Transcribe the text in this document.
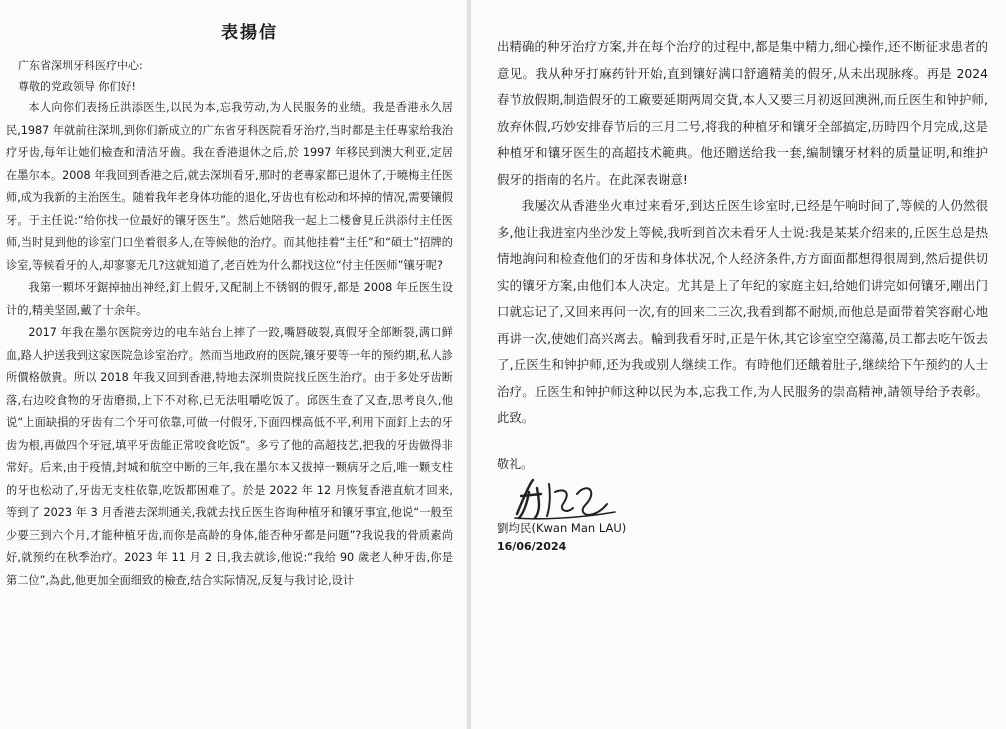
表揚信
广东省深圳牙科医疗中心:
尊敬的党政领导 你们好!

本人向你们表扬丘洪添医生,以民为本,忘我劳动,为人民服务的业绩。我是香港永久居民,1987 年就前往深圳,到你们新成立的广东省牙科医院看牙治疗,当时都是主任專家给我治疗牙齿,每年让她们檢查和清洁牙齒。我在香港退休之后,於 1997 年移民到澳大利亚,定居在墨尔本。2008 年我回到香港之后,就去深圳看牙,那时的老專家都已退休了,于曉梅主任医师,成为我新的主治医生。随着我年老身体功能的退化,牙齿也有松动和坏掉的情况,需要镶假牙。于主任说:“给你找一位最好的镶牙医生”。然后她陪我一起上二楼會見丘洪添付主任医师,当时見到他的诊室门口坐着很多人,在等候他的治疗。而其他挂着“主任”和“碩士”招牌的诊室,等候看牙的人,却寥寥无几?这就知道了,老百姓为什么都找这位“付主任医师”镶牙呢?

我第一顆坏牙鋸掉抽出神经,釘上假牙,又配制上不锈钢的假牙,都是 2008 年丘医生设计的,精美坚固,戴了十余年。

2017 年我在墨尔医院旁边的电车站台上摔了一跤,嘴唇破裂,真假牙全部断裂,满口鲜血,路人护送我到这家医院急诊室治疗。然而当地政府的医院,镶牙要等一年的预约期,私人診所價格倣貴。所以 2018 年我又回到香港,特地去深圳贵院找丘医生治疗。由于多处牙齿断落,右边咬食物的牙齿磨损,上下不对称,已无法咀嚼吃饭了。邱医生查了又查,思考良久,他说“上面缺損的牙齿有二个牙可依靠,可做一付假牙,下面四棵高低不平,利用下面釘上去的牙齿为根,再做四个牙冠,填平牙齿能正常咬食吃饭”。多亏了他的高超技艺,把我的牙齿做得非常好。后来,由于疫情,封城和航空中断的三年,我在墨尔本又拔掉一颗病牙之后,唯一颗支柱的牙也松动了,牙齿无支柱依靠,吃饭都困难了。於是 2022 年 12 月恢复香港直航才回来,等到了 2023 年 3 月香港去深圳通关,我就去找丘医生咨询种植牙和镶牙事宜,他说“一般至少要三到六个月,才能种植牙齿,而你是高龄的身体,能否种牙都是问题”?我说我的骨质素尚好,就预约在秋季治疗。2023 年 11 月 2 日,我去就诊,他说:“我给 90 歲老人种牙齿,你是第二位”,為此,他更加全面细致的檢查,结合实际情况,反复与我讨论,设计

出精确的种牙治疗方案,并在每个治疗的过程中,都是集中精力,细心操作,还不断征求患者的意见。我从种牙打麻药针开始,直到镶好满口舒適精美的假牙,从未出现脉疼。再是 2024 春节放假期,制造假牙的工廠要延期两周交貨,本人又要三月初返回澳洲,而丘医生和钟护师,放弃休假,巧妙安排春节后的三月二号,将我的种植牙和镶牙全部搞定,历時四个月完成,这是种植牙和镶牙医生的高超技术範典。他还贈送给我一套,编制镶牙材料的质量证明,和维护假牙的指南的名片。在此深表谢意!

我屡次从香港坐火車过来看牙,到达丘医生诊室时,已经是午响时间了,等候的人仍然很多,他让我进室内坐沙发上等候,我听到首次未看牙人士说:我是某某介绍来的,丘医生总是热情地詢问和检查他们的牙齿和身体状况,个人经济条件,方方面面都想得很周到,然后提供切实的镶牙方案,由他们本人决定。尤其是上了年纪的家庭主妇,给她们讲完如何镶牙,剛出门口就忘记了,又回来再问一次,有的回来二三次,我看到都不耐烦,而他总是面带着笑容耐心地再讲一次,使她们高兴离去。輪到我看牙时,正是午休,其它诊室空空蕩蕩,员工都去吃午饭去了,丘医生和钟护师,还为我或别人继续工作。有時他们还餓着肚子,继续给下午预约的人士治疗。丘医生和钟护师这种以民为本,忘我工作,为人民服务的崇高精神,請领导给予表彰。此致。

敬礼。
劉均民(Kwan Man LAU)
16/06/2024
